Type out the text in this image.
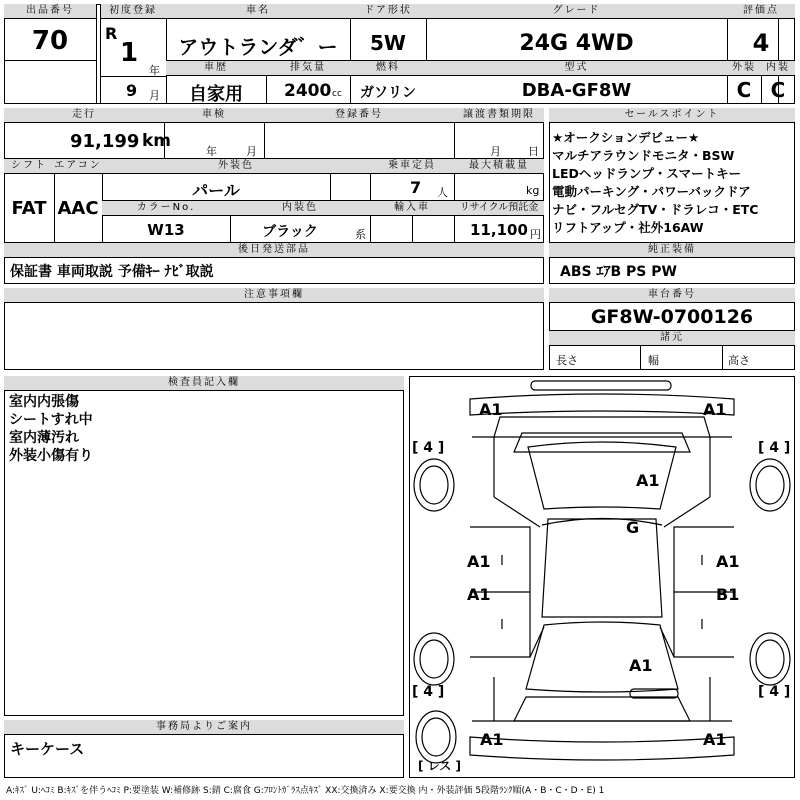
出品番号
70
初度登録
R
1
年
9 月
車名
アウトランダ゛ー
ドア形状
5W
グレード
24G 4WD
評価点
4
車歴
自家用
排気量
2400 cc
燃料
ガソリン
型式
DBA-GF8W
外装	内装
C C
走行
91,199 km
車検
年	月
登録番号	譲渡書類期限
月 日
シフト エアコン
FAT AAC
外装色
パール
乗車定員
7 人
最大積載量
kg
カラーNo.
W13
内装色
ブラック	系
輸入車	リサイクル預託金
11,100 円
後日発送部品
保証書 車両取説 予備ｷｰ ﾅﾋﾞ取説
注意事項欄
セールスポイント
★オークションデビュー★
マルチアラウンドモニタ・BSW
LEDヘッドランプ・スマートキー
電動パーキング・パワーバックドア
ナビ・フルセグTV・ドラレコ・ETC
リフトアップ・社外16AW
純正装備
ABS ｴｱB PS PW
車台番号
GF8W-0700126
諸元
長さ	幅	高さ
検査員記入欄
室内内張傷
シートすれ中
室内薄汚れ
外装小傷有り
事務局よりご案内
キーケース
A1	A1
A1
G
A1	A1
A1	B1
A1
A1	A1
[ 4 ]	[ 4 ]
[ 4 ]	[ 4 ]
[ レス ]
A:ｷｽﾞ U:ﾍｺﾐ B:ｷｽﾞを伴うﾍｺﾐ P:要塗装 W:補修跡 S:錆 C:腐食 G:ﾌﾛﾝﾄｶﾞﾗｽ点ｷｽﾞ XX:交換済み X:要交換 内・外装評価 5段階ﾗﾝｸ順(A・B・C・D・E) 1
